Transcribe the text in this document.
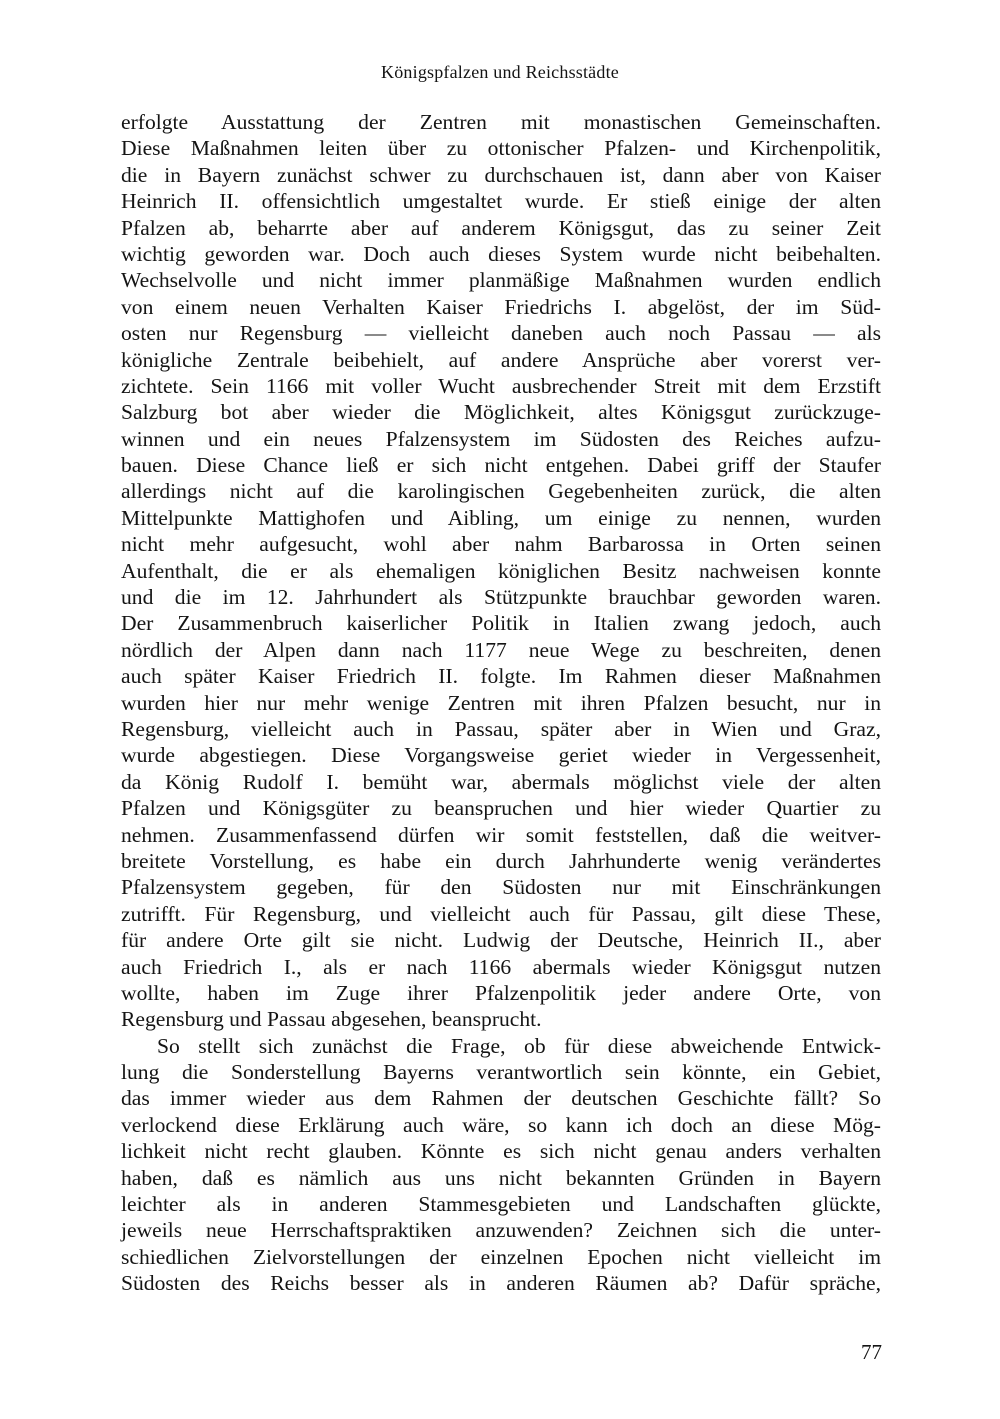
Königspfalzen und Reichsstädte
erfolgte Ausstattung der Zentren mit monastischen Gemeinschaften.
Diese Maßnahmen leiten über zu ottonischer Pfalzen- und Kirchenpolitik,
die in Bayern zunächst schwer zu durchschauen ist, dann aber von Kaiser
Heinrich II. offensichtlich umgestaltet wurde. Er stieß einige der alten
Pfalzen ab, beharrte aber auf anderem Königsgut, das zu seiner Zeit
wichtig geworden war. Doch auch dieses System wurde nicht beibehalten.
Wechselvolle und nicht immer planmäßige Maßnahmen wurden endlich
von einem neuen Verhalten Kaiser Friedrichs I. abgelöst, der im Süd-
osten nur Regensburg — vielleicht daneben auch noch Passau — als
königliche Zentrale beibehielt, auf andere Ansprüche aber vorerst ver-
zichtete. Sein 1166 mit voller Wucht ausbrechender Streit mit dem Erzstift
Salzburg bot aber wieder die Möglichkeit, altes Königsgut zurückzuge-
winnen und ein neues Pfalzensystem im Südosten des Reiches aufzu-
bauen. Diese Chance ließ er sich nicht entgehen. Dabei griff der Staufer
allerdings nicht auf die karolingischen Gegebenheiten zurück, die alten
Mittelpunkte Mattighofen und Aibling, um einige zu nennen, wurden
nicht mehr aufgesucht, wohl aber nahm Barbarossa in Orten seinen
Aufenthalt, die er als ehemaligen königlichen Besitz nachweisen konnte
und die im 12. Jahrhundert als Stützpunkte brauchbar geworden waren.
Der Zusammenbruch kaiserlicher Politik in Italien zwang jedoch, auch
nördlich der Alpen dann nach 1177 neue Wege zu beschreiten, denen
auch später Kaiser Friedrich II. folgte. Im Rahmen dieser Maßnahmen
wurden hier nur mehr wenige Zentren mit ihren Pfalzen besucht, nur in
Regensburg, vielleicht auch in Passau, später aber in Wien und Graz,
wurde abgestiegen. Diese Vorgangsweise geriet wieder in Vergessenheit,
da König Rudolf I. bemüht war, abermals möglichst viele der alten
Pfalzen und Königsgüter zu beanspruchen und hier wieder Quartier zu
nehmen. Zusammenfassend dürfen wir somit feststellen, daß die weitver-
breitete Vorstellung, es habe ein durch Jahrhunderte wenig verändertes
Pfalzensystem gegeben, für den Südosten nur mit Einschränkungen
zutrifft. Für Regensburg, und vielleicht auch für Passau, gilt diese These,
für andere Orte gilt sie nicht. Ludwig der Deutsche, Heinrich II., aber
auch Friedrich I., als er nach 1166 abermals wieder Königsgut nutzen
wollte, haben im Zuge ihrer Pfalzenpolitik jeder andere Orte, von
Regensburg und Passau abgesehen, beansprucht.
So stellt sich zunächst die Frage, ob für diese abweichende Entwick-
lung die Sonderstellung Bayerns verantwortlich sein könnte, ein Gebiet,
das immer wieder aus dem Rahmen der deutschen Geschichte fällt? So
verlockend diese Erklärung auch wäre, so kann ich doch an diese Mög-
lichkeit nicht recht glauben. Könnte es sich nicht genau anders verhalten
haben, daß es nämlich aus uns nicht bekannten Gründen in Bayern
leichter als in anderen Stammesgebieten und Landschaften glückte,
jeweils neue Herrschaftspraktiken anzuwenden? Zeichnen sich die unter-
schiedlichen Zielvorstellungen der einzelnen Epochen nicht vielleicht im
Südosten des Reichs besser als in anderen Räumen ab? Dafür spräche,
77
